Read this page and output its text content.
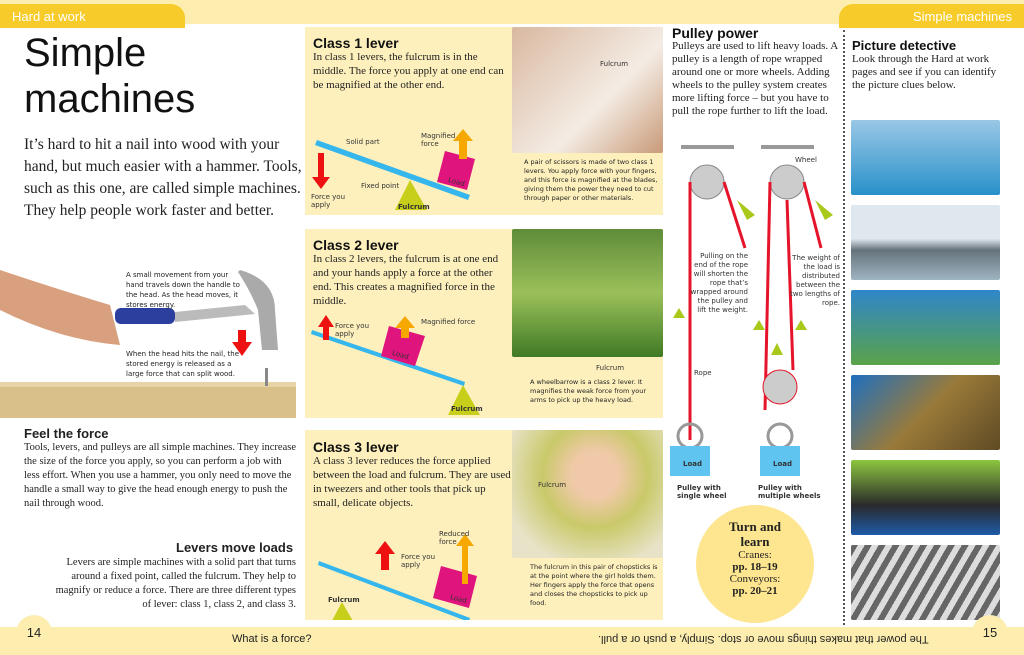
Hard at work	Simple machines
Simple
machines
It’s hard to hit a nail into wood with your hand, but much easier with a hammer. Tools, such as this one, are called simple machines. They help people work faster and better.
A small movement from your hand travels down the handle to the head. As the head moves, it stores energy.
When the head hits the nail, the stored energy is released as a large force that can split wood.
Feel the force
Tools, levers, and pulleys are all simple machines. They increase the size of the force you apply, so you can perform a job with less effort. When you use a hammer, you only need to move the handle a small way to give the head enough energy to push the nail through wood.
Levers move loads
Levers are simple machines with a solid part that turns around a fixed point, called the fulcrum. They help to magnify or reduce a force. There are three different types of lever: class 1, class 2, and class 3.
Class 1 lever
In class 1 levers, the fulcrum is in the middle. The force you apply at one end can be magnified at the other end.
Solid part
Magnified force
Fixed point
Force you apply
Load
Fulcrum
Fulcrum
A pair of scissors is made of two class 1 levers. You apply force with your fingers, and this force is magnified at the blades, giving them the power they need to cut through paper or other materials.
Class 2 lever
In class 2 levers, the fulcrum is at one end and your hands apply a force at the other end. This creates a magnified force in the middle.
Force you apply
Magnified force
Load
Fulcrum
Fulcrum
A wheelbarrow is a class 2 lever. It magnifies the weak force from your arms to pick up the heavy load.
Class 3 lever
A class 3 lever reduces the force applied between the load and fulcrum. They are used in tweezers and other tools that pick up small, delicate objects.
Reduced force
Force you apply
Load
Fulcrum
Fulcrum
The fulcrum in this pair of chopsticks is at the point where the girl holds them. Her fingers apply the force that opens and closes the chopsticks to pick up food.
Pulley power
Pulleys are used to lift heavy loads. A pulley is a length of rope wrapped around one or more wheels. Adding wheels to the pulley system creates more lifting force – but you have to pull the rope further to lift the load.
Wheel
Pulling on the end of the rope will shorten the rope that’s wrapped around the pulley and lift the weight.
The weight of the load is distributed between the two lengths of rope.
Rope
Load	Load
Pulley with single wheel
Pulley with multiple wheels
Turn and learn
Cranes:
pp. 18–19
Conveyors:
pp. 20–21
Picture detective
Look through the Hard at work pages and see if you can identify the picture clues below.
14	15
What is a force?	The power that makes things move or stop. Simply, a push or a pull.
